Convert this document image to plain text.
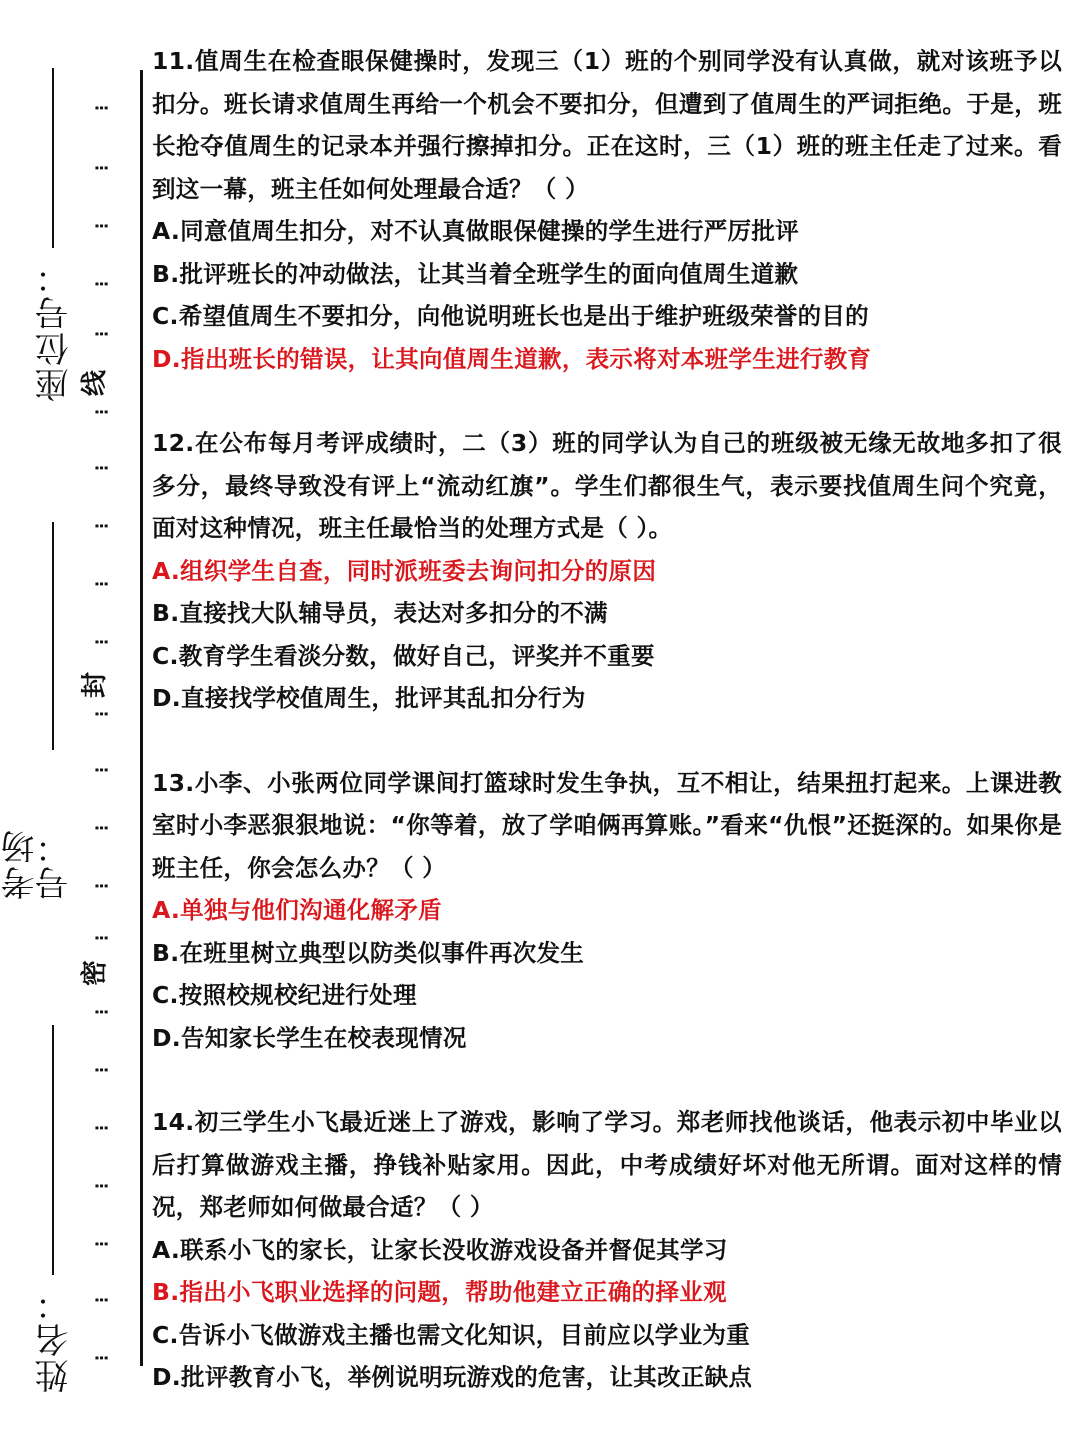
座位号：
考场号：
姓名：
⋮
⋮
⋮
⋮
⋮
线
⋮
⋮
⋮
⋮
⋮
封
⋮
⋮
⋮
⋮
⋮
密
⋮
⋮
⋮
⋮
⋮
⋮
⋮

11.值周生在检查眼保健操时，发现三（1）班的个别同学没有认真做，就对该班予以扣分。班长请求值周生再给一个机会不要扣分，但遭到了值周生的严词拒绝。于是，班长抢夺值周生的记录本并强行擦掉扣分。正在这时，三（1）班的班主任走了过来。看到这一幕，班主任如何处理最合适？（ ）

A.同意值周生扣分，对不认真做眼保健操的学生进行严厉批评

B.批评班长的冲动做法，让其当着全班学生的面向值周生道歉

C.希望值周生不要扣分，向他说明班长也是出于维护班级荣誉的目的

D.指出班长的错误，让其向值周生道歉，表示将对本班学生进行教育

12.在公布每月考评成绩时，二（3）班的同学认为自己的班级被无缘无故地多扣了很多分，最终导致没有评上“流动红旗”。学生们都很生气，表示要找值周生问个究竟，面对这种情况，班主任最恰当的处理方式是（ ）。

A.组织学生自查，同时派班委去询问扣分的原因

B.直接找大队辅导员，表达对多扣分的不满

C.教育学生看淡分数，做好自己，评奖并不重要

D.直接找学校值周生，批评其乱扣分行为

13.小李、小张两位同学课间打篮球时发生争执，互不相让，结果扭打起来。上课进教室时小李恶狠狠地说：“你等着，放了学咱俩再算账。”看来“仇恨”还挺深的。如果你是班主任，你会怎么办？（ ）

A.单独与他们沟通化解矛盾

B.在班里树立典型以防类似事件再次发生

C.按照校规校纪进行处理

D.告知家长学生在校表现情况

14.初三学生小飞最近迷上了游戏，影响了学习。郑老师找他谈话，他表示初中毕业以后打算做游戏主播，挣钱补贴家用。因此，中考成绩好坏对他无所谓。面对这样的情况，郑老师如何做最合适？（ ）

A.联系小飞的家长，让家长没收游戏设备并督促其学习

B.指出小飞职业选择的问题，帮助他建立正确的择业观

C.告诉小飞做游戏主播也需文化知识，目前应以学业为重

D.批评教育小飞，举例说明玩游戏的危害，让其改正缺点
